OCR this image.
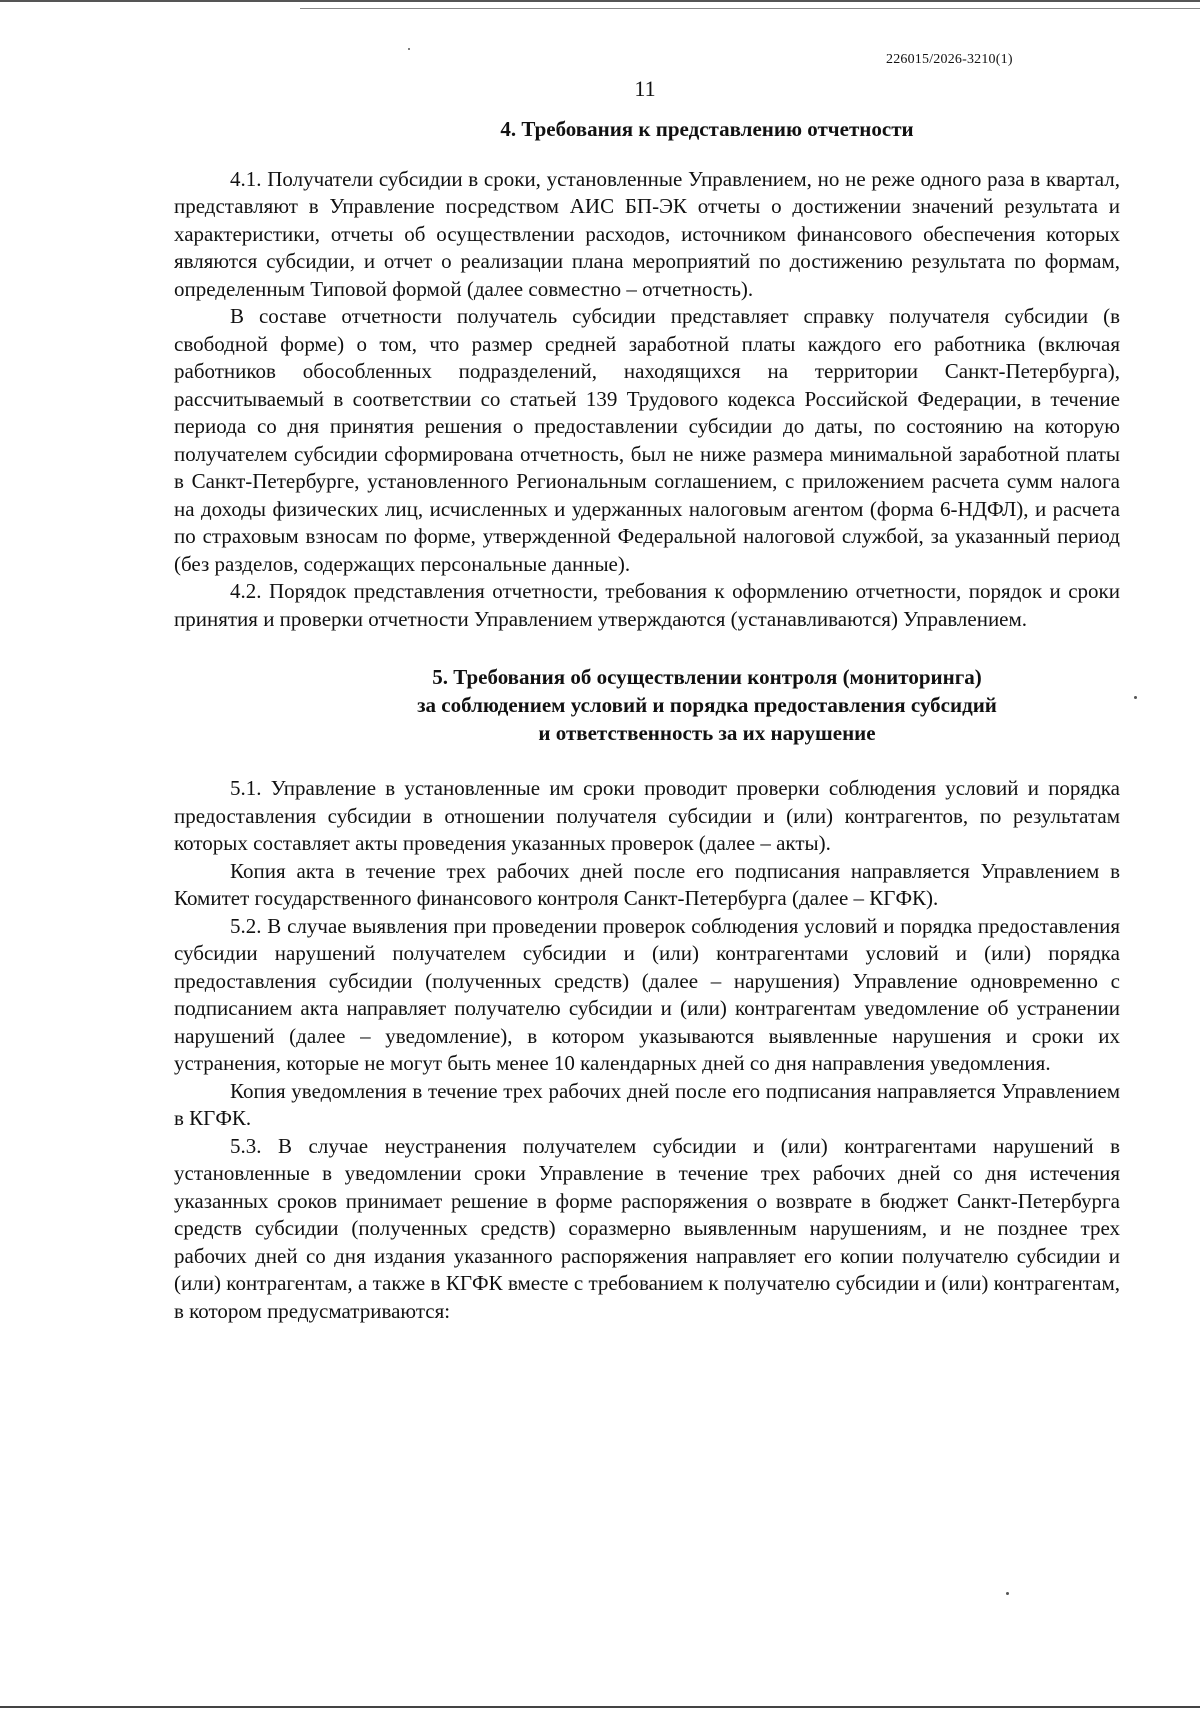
226015/2026-3210(1)
11

4. Требования к представлению отчетности

4.1. Получатели субсидии в сроки, установленные Управлением, но не реже одного раза в квартал, представляют в Управление посредством АИС БП-ЭК отчеты о достижении значений результата и характеристики, отчеты об осуществлении расходов, источником финансового обеспечения которых являются субсидии, и отчет о реализации плана мероприятий по достижению результата по формам, определенным Типовой формой (далее совместно – отчетность).

В составе отчетности получатель субсидии представляет справку получателя субсидии (в свободной форме) о том, что размер средней заработной платы каждого его работника (включая работников обособленных подразделений, находящихся на территории Санкт-Петербурга), рассчитываемый в соответствии со статьей 139 Трудового кодекса Российской Федерации, в течение периода со дня принятия решения о предоставлении субсидии до даты, по состоянию на которую получателем субсидии сформирована отчетность, был не ниже размера минимальной заработной платы в Санкт-Петербурге, установленного Региональным соглашением, с приложением расчета сумм налога на доходы физических лиц, исчисленных и удержанных налоговым агентом (форма 6-НДФЛ), и расчета по страховым взносам по форме, утвержденной Федеральной налоговой службой, за указанный период (без разделов, содержащих персональные данные).

4.2. Порядок представления отчетности, требования к оформлению отчетности, порядок и сроки принятия и проверки отчетности Управлением утверждаются (устанавливаются) Управлением.

5. Требования об осуществлении контроля (мониторинга)
за соблюдением условий и порядка предоставления субсидий
и ответственность за их нарушение

5.1. Управление в установленные им сроки проводит проверки соблюдения условий и порядка предоставления субсидии в отношении получателя субсидии и (или) контрагентов, по результатам которых составляет акты проведения указанных проверок (далее – акты).

Копия акта в течение трех рабочих дней после его подписания направляется Управлением в Комитет государственного финансового контроля Санкт-Петербурга (далее – КГФК).

5.2. В случае выявления при проведении проверок соблюдения условий и порядка предоставления субсидии нарушений получателем субсидии и (или) контрагентами условий и (или) порядка предоставления субсидии (полученных средств) (далее – нарушения) Управление одновременно с подписанием акта направляет получателю субсидии и (или) контрагентам уведомление об устранении нарушений (далее – уведомление), в котором указываются выявленные нарушения и сроки их устранения, которые не могут быть менее 10 календарных дней со дня направления уведомления.

Копия уведомления в течение трех рабочих дней после его подписания направляется Управлением в КГФК.

5.3. В случае неустранения получателем субсидии и (или) контрагентами нарушений в установленные в уведомлении сроки Управление в течение трех рабочих дней со дня истечения указанных сроков принимает решение в форме распоряжения о возврате в бюджет Санкт-Петербурга средств субсидии (полученных средств) соразмерно выявленным нарушениям, и не позднее трех рабочих дней со дня издания указанного распоряжения направляет его копии получателю субсидии и (или) контрагентам, а также в КГФК вместе с требованием к получателю субсидии и (или) контрагентам, в котором предусматриваются:
